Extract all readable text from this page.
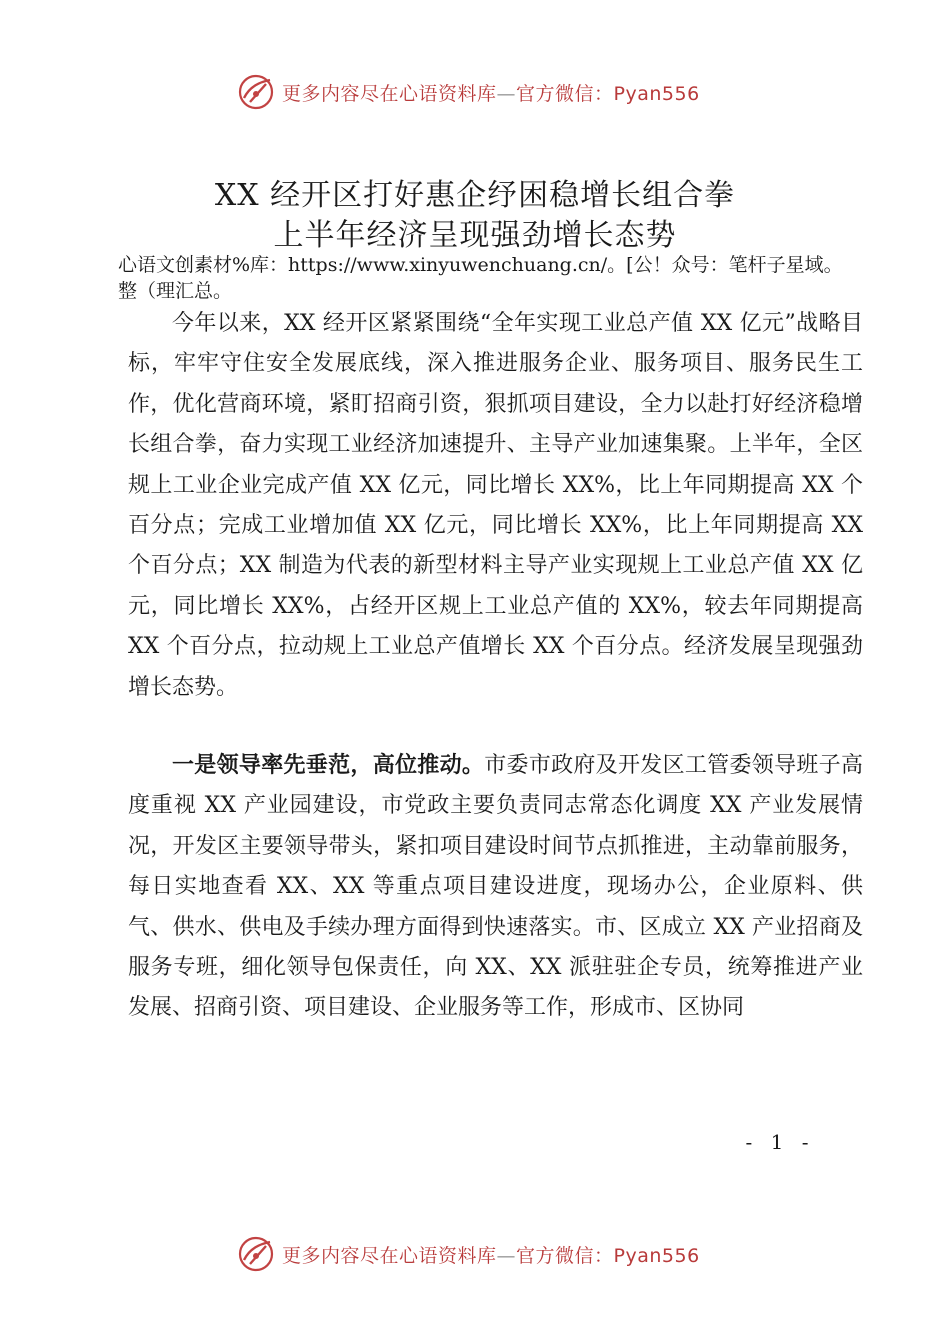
更多内容尽在心语资料库—官方微信：Pyan556
XX 经开区打好惠企纾困稳增长组合拳
上半年经济呈现强劲增长态势
心语文创素材%库：https://www.xinyuwenchuang.cn/。[公！众号：笔杆子星域。整（理汇总。
今年以来，XX 经开区紧紧围绕“全年实现工业总产值 XX 亿元”战略目标，牢牢守住安全发展底线，深入推进服务企业、服务项目、服务民生工作，优化营商环境，紧盯招商引资，狠抓项目建设，全力以赴打好经济稳增长组合拳，奋力实现工业经济加速提升、主导产业加速集聚。上半年，全区规上工业企业完成产值 XX 亿元，同比增长 XX%，比上年同期提高 XX 个百分点；完成工业增加值 XX 亿元，同比增长 XX%，比上年同期提高 XX 个百分点；XX 制造为代表的新型材料主导产业实现规上工业总产值 XX 亿元，同比增长 XX%，占经开区规上工业总产值的 XX%，较去年同期提高 XX 个百分点，拉动规上工业总产值增长 XX 个百分点。经济发展呈现强劲增长态势。
一是领导率先垂范，高位推动。市委市政府及开发区工管委领导班子高度重视 XX 产业园建设，市党政主要负责同志常态化调度 XX 产业发展情况，开发区主要领导带头，紧扣项目建设时间节点抓推进，主动靠前服务，每日实地查看 XX、XX 等重点项目建设进度，现场办公，企业原料、供气、供水、供电及手续办理方面得到快速落实。市、区成立 XX 产业招商及服务专班，细化领导包保责任，向 XX、XX 派驻驻企专员，统筹推进产业发展、招商引资、项目建设、企业服务等工作，形成市、区协同
- 1 -
更多内容尽在心语资料库—官方微信：Pyan556
